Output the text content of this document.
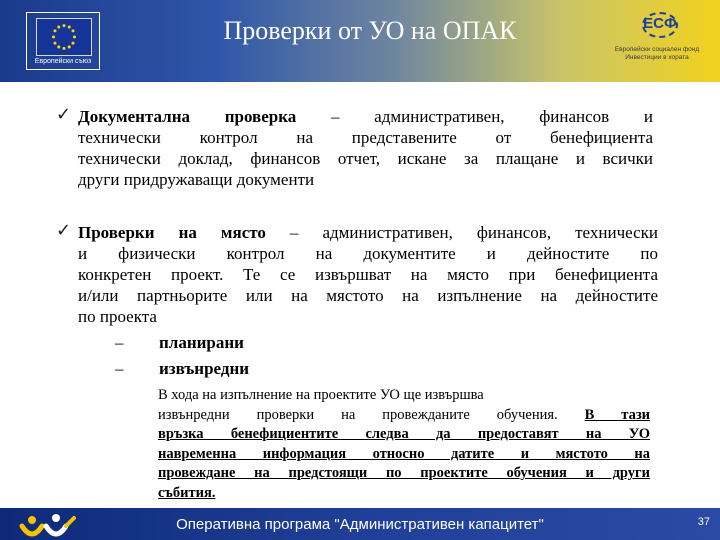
Европейски съюз
Проверки от УО на ОПАК	ЕСФ
Европейски социален фонд
Инвестиции в хората
✓ Документална проверка – административен, финансов и
технически контрол на представените от бенефициента
технически доклад, финансов отчет, искане за плащане и всички
други придружаващи документи
✓ Проверки на място – административен, финансов, технически
и физически контрол на документите и дейностите по
конкретен проект. Те се извършват на място при бенефициента
и/или партньорите или на мястото на изпълнение на дейностите
по проекта
– планирани
– извънредни
В хода на изпълнение на проектите УО ще извършва
извънредни проверки на провежданите обучения. В тази
връзка бенефициентите следва да предоставят на УО
навременна информация относно датите и мястото на
провеждане на предстоящи по проектите обучения и други
събития.
Оперативна програма "Административен капацитет"	37
